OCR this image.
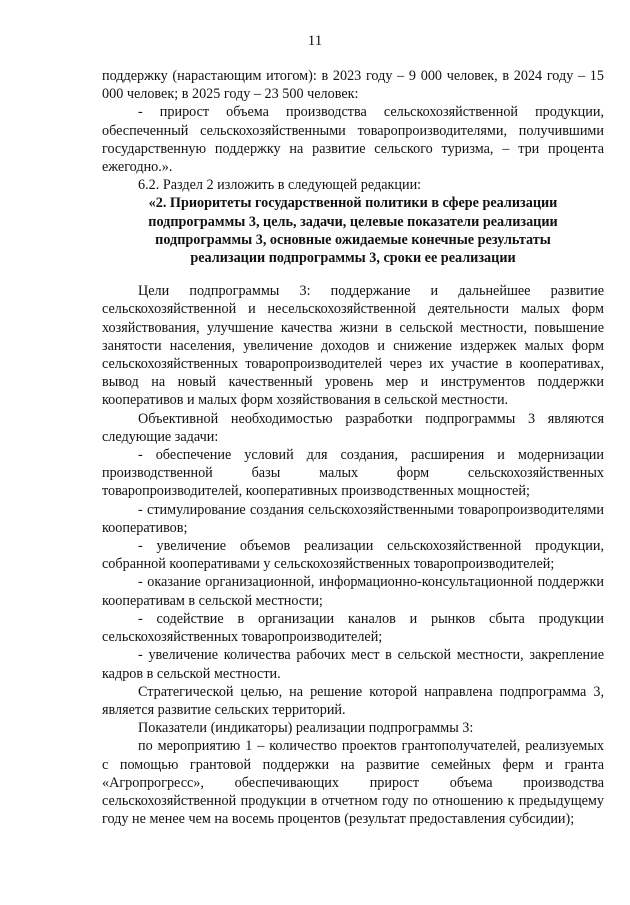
11

поддержку (нарастающим итогом): в 2023 году – 9 000 человек, в 2024 году – 15 000 человек; в 2025 году – 23 500 человек:

- прирост объема производства сельскохозяйственной продукции, обеспеченный сельскохозяйственными товаропроизводителями, получившими государственную поддержку на развитие сельского туризма, – три процента ежегодно.».

6.2. Раздел 2 изложить в следующей редакции:

«2. Приоритеты государственной политики в сфере реализации
подпрограммы 3, цель, задачи, целевые показатели реализации
подпрограммы 3, основные ожидаемые конечные результаты
реализации подпрограммы 3, сроки ее реализации

Цели подпрограммы 3: поддержание и дальнейшее развитие сельскохозяйственной и несельскохозяйственной деятельности малых форм хозяйствования, улучшение качества жизни в сельской местности, повышение занятости населения, увеличение доходов и снижение издержек малых форм сельскохозяйственных товаропроизводителей через их участие в кооперативах, вывод на новый качественный уровень мер и инструментов поддержки кооперативов и малых форм хозяйствования в сельской местности.

Объективной необходимостью разработки подпрограммы 3 являются следующие задачи:

- обеспечение условий для создания, расширения и модернизации производственной базы малых форм сельскохозяйственных товаропроизводителей, кооперативных производственных мощностей;

- стимулирование создания сельскохозяйственными товаропроизводителями кооперативов;

- увеличение объемов реализации сельскохозяйственной продукции, собранной кооперативами у сельскохозяйственных товаропроизводителей;

- оказание организационной, информационно-консультационной поддержки кооперативам в сельской местности;

- содействие в организации каналов и рынков сбыта продукции сельскохозяйственных товаропроизводителей;

- увеличение количества рабочих мест в сельской местности, закрепление кадров в сельской местности.

Стратегической целью, на решение которой направлена подпрограмма 3, является развитие сельских территорий.

Показатели (индикаторы) реализации подпрограммы 3:

по мероприятию 1 – количество проектов грантополучателей, реализуемых с помощью грантовой поддержки на развитие семейных ферм и гранта «Агропрогресс», обеспечивающих прирост объема производства сельскохозяйственной продукции в отчетном году по отношению к предыдущему году не менее чем на восемь процентов (результат предоставления субсидии);
